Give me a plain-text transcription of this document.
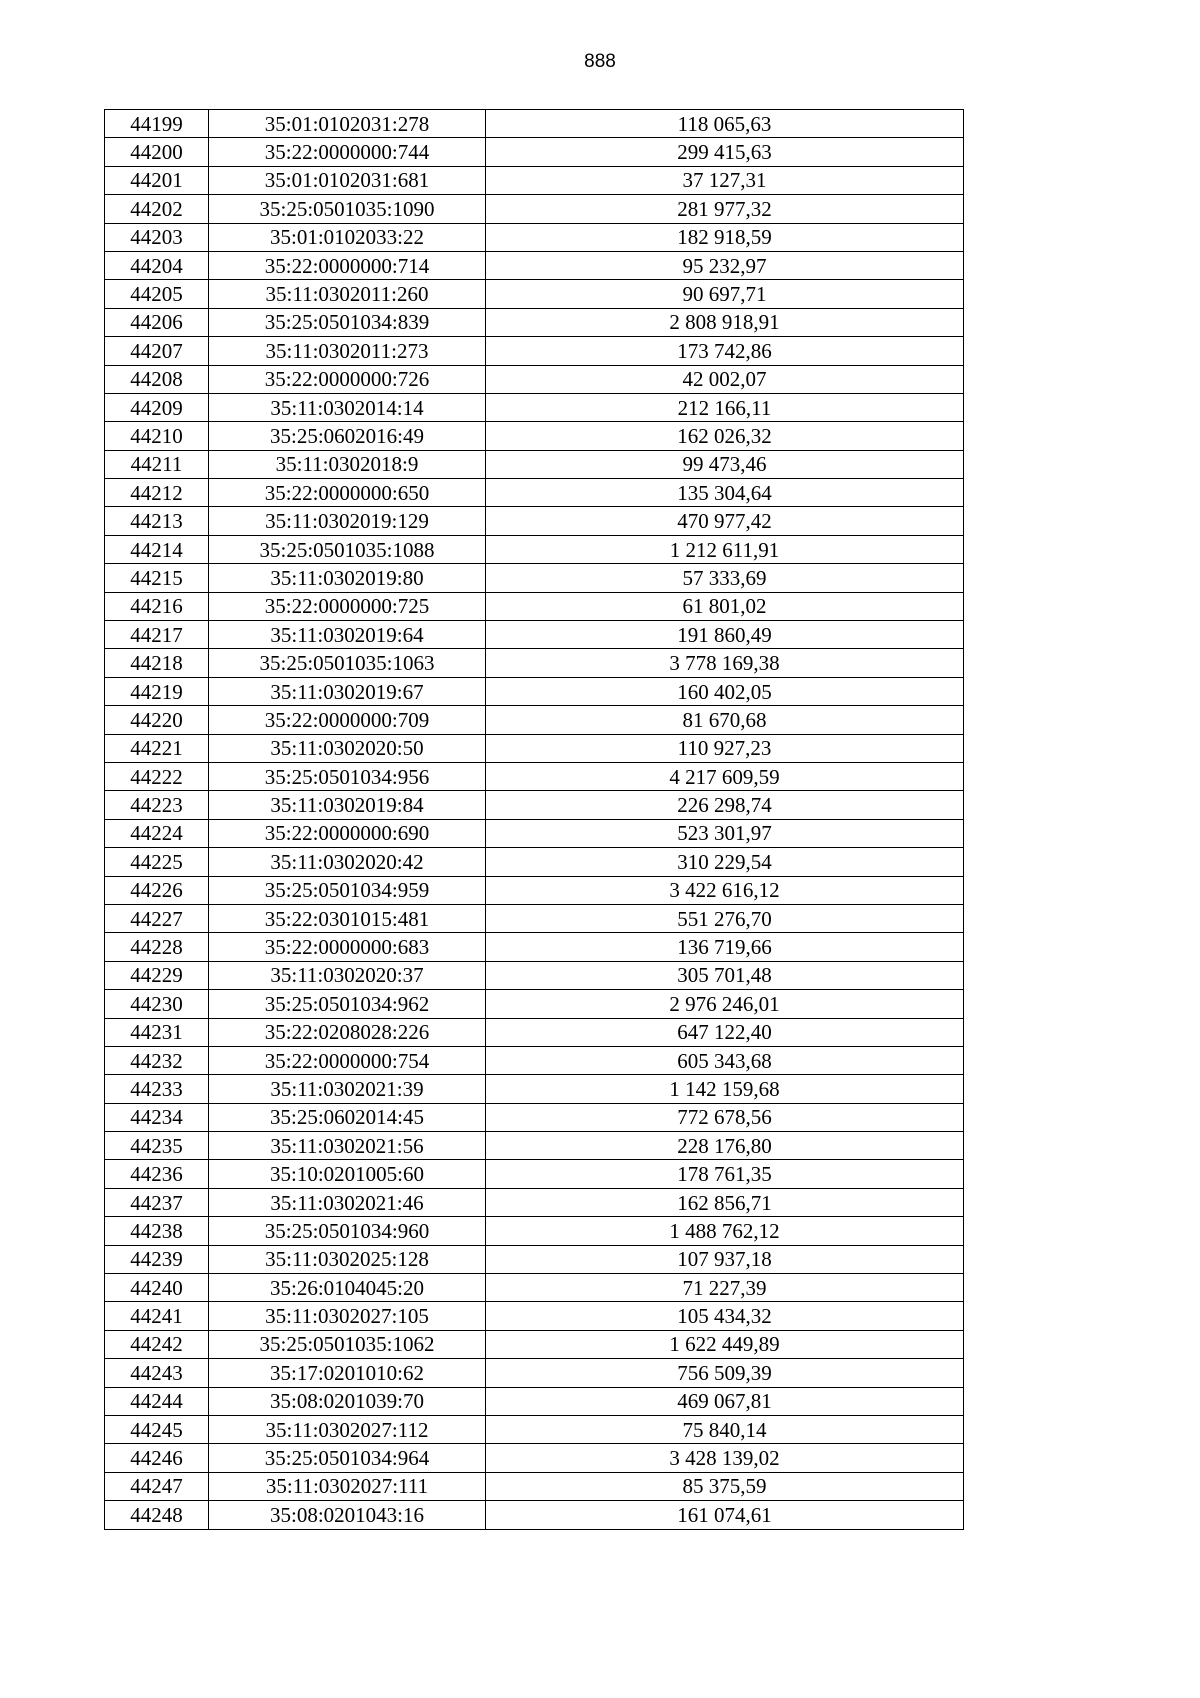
888
44199	35:01:0102031:278	118 065,63
44200	35:22:0000000:744	299 415,63
44201	35:01:0102031:681	37 127,31
44202	35:25:0501035:1090	281 977,32
44203	35:01:0102033:22	182 918,59
44204	35:22:0000000:714	95 232,97
44205	35:11:0302011:260	90 697,71
44206	35:25:0501034:839	2 808 918,91
44207	35:11:0302011:273	173 742,86
44208	35:22:0000000:726	42 002,07
44209	35:11:0302014:14	212 166,11
44210	35:25:0602016:49	162 026,32
44211	35:11:0302018:9	99 473,46
44212	35:22:0000000:650	135 304,64
44213	35:11:0302019:129	470 977,42
44214	35:25:0501035:1088	1 212 611,91
44215	35:11:0302019:80	57 333,69
44216	35:22:0000000:725	61 801,02
44217	35:11:0302019:64	191 860,49
44218	35:25:0501035:1063	3 778 169,38
44219	35:11:0302019:67	160 402,05
44220	35:22:0000000:709	81 670,68
44221	35:11:0302020:50	110 927,23
44222	35:25:0501034:956	4 217 609,59
44223	35:11:0302019:84	226 298,74
44224	35:22:0000000:690	523 301,97
44225	35:11:0302020:42	310 229,54
44226	35:25:0501034:959	3 422 616,12
44227	35:22:0301015:481	551 276,70
44228	35:22:0000000:683	136 719,66
44229	35:11:0302020:37	305 701,48
44230	35:25:0501034:962	2 976 246,01
44231	35:22:0208028:226	647 122,40
44232	35:22:0000000:754	605 343,68
44233	35:11:0302021:39	1 142 159,68
44234	35:25:0602014:45	772 678,56
44235	35:11:0302021:56	228 176,80
44236	35:10:0201005:60	178 761,35
44237	35:11:0302021:46	162 856,71
44238	35:25:0501034:960	1 488 762,12
44239	35:11:0302025:128	107 937,18
44240	35:26:0104045:20	71 227,39
44241	35:11:0302027:105	105 434,32
44242	35:25:0501035:1062	1 622 449,89
44243	35:17:0201010:62	756 509,39
44244	35:08:0201039:70	469 067,81
44245	35:11:0302027:112	75 840,14
44246	35:25:0501034:964	3 428 139,02
44247	35:11:0302027:111	85 375,59
44248	35:08:0201043:16	161 074,61
